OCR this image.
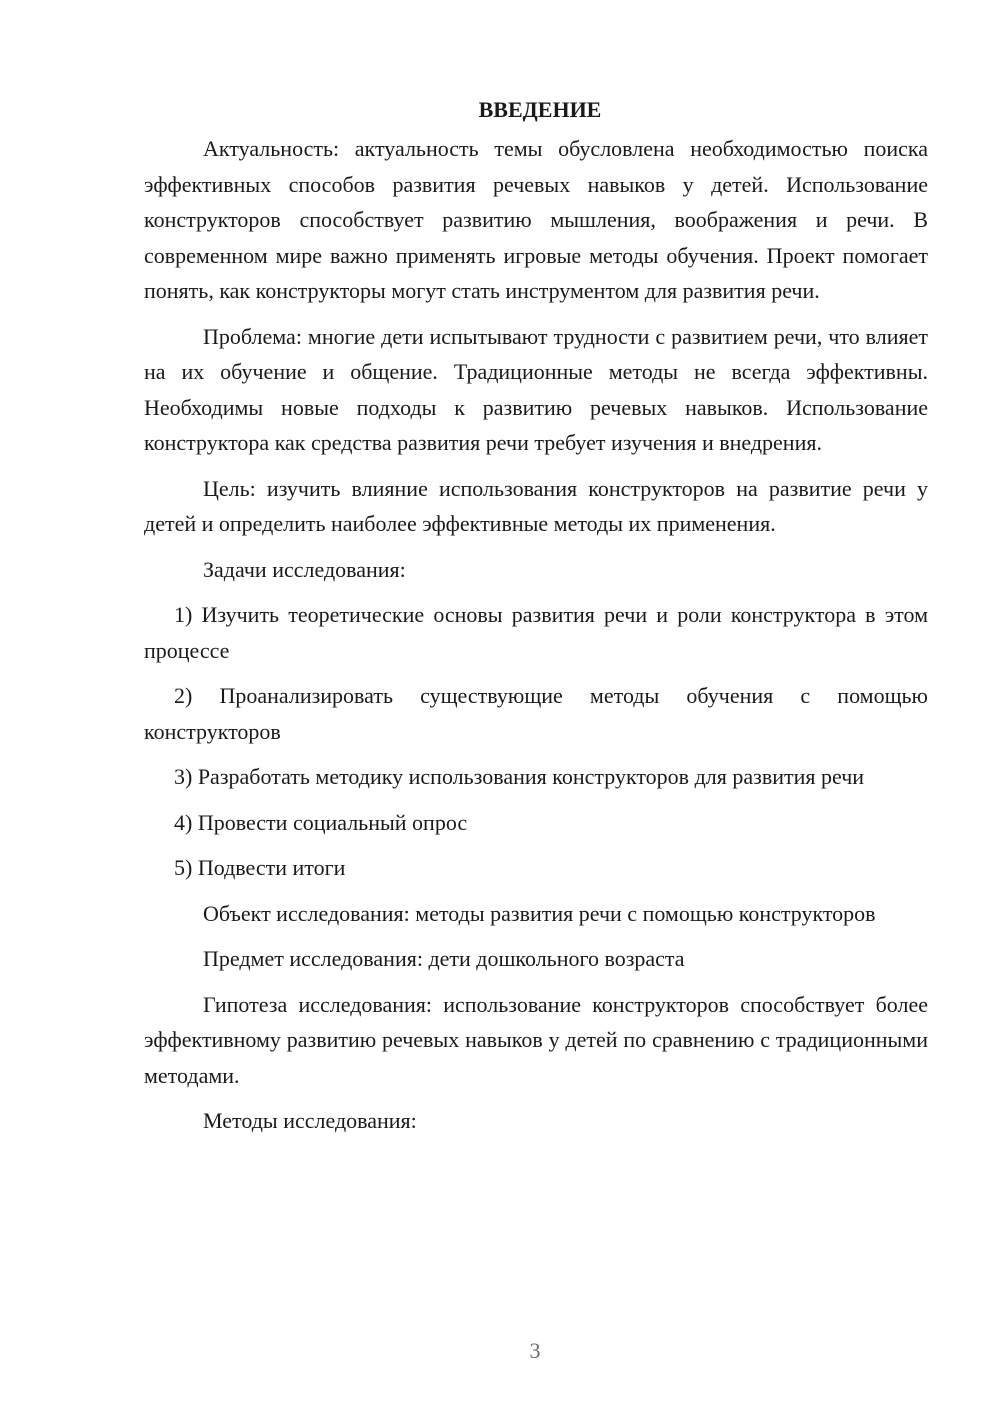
ВВЕДЕНИЕ

Актуальность: актуальность темы обусловлена необходимостью поиска эффективных способов развития речевых навыков у детей. Использование конструкторов способствует развитию мышления, воображения и речи. В современном мире важно применять игровые методы обучения. Проект помогает понять, как конструкторы могут стать инструментом для развития речи.

Проблема: многие дети испытывают трудности с развитием речи, что влияет на их обучение и общение. Традиционные методы не всегда эффективны. Необходимы новые подходы к развитию речевых навыков. Использование конструктора как средства развития речи требует изучения и внедрения.

Цель: изучить влияние использования конструкторов на развитие речи у детей и определить наиболее эффективные методы их применения.

Задачи исследования:

1) Изучить теоретические основы развития речи и роли конструктора в этом процессе

2) Проанализировать существующие методы обучения с помощью конструкторов

3) Разработать методику использования конструкторов для развития речи

4) Провести социальный опрос

5) Подвести итоги

Объект исследования: методы развития речи с помощью конструкторов

Предмет исследования: дети дошкольного возраста

Гипотеза исследования: использование конструкторов способствует более эффективному развитию речевых навыков у детей по сравнению с традиционными методами.

Методы исследования:

3
